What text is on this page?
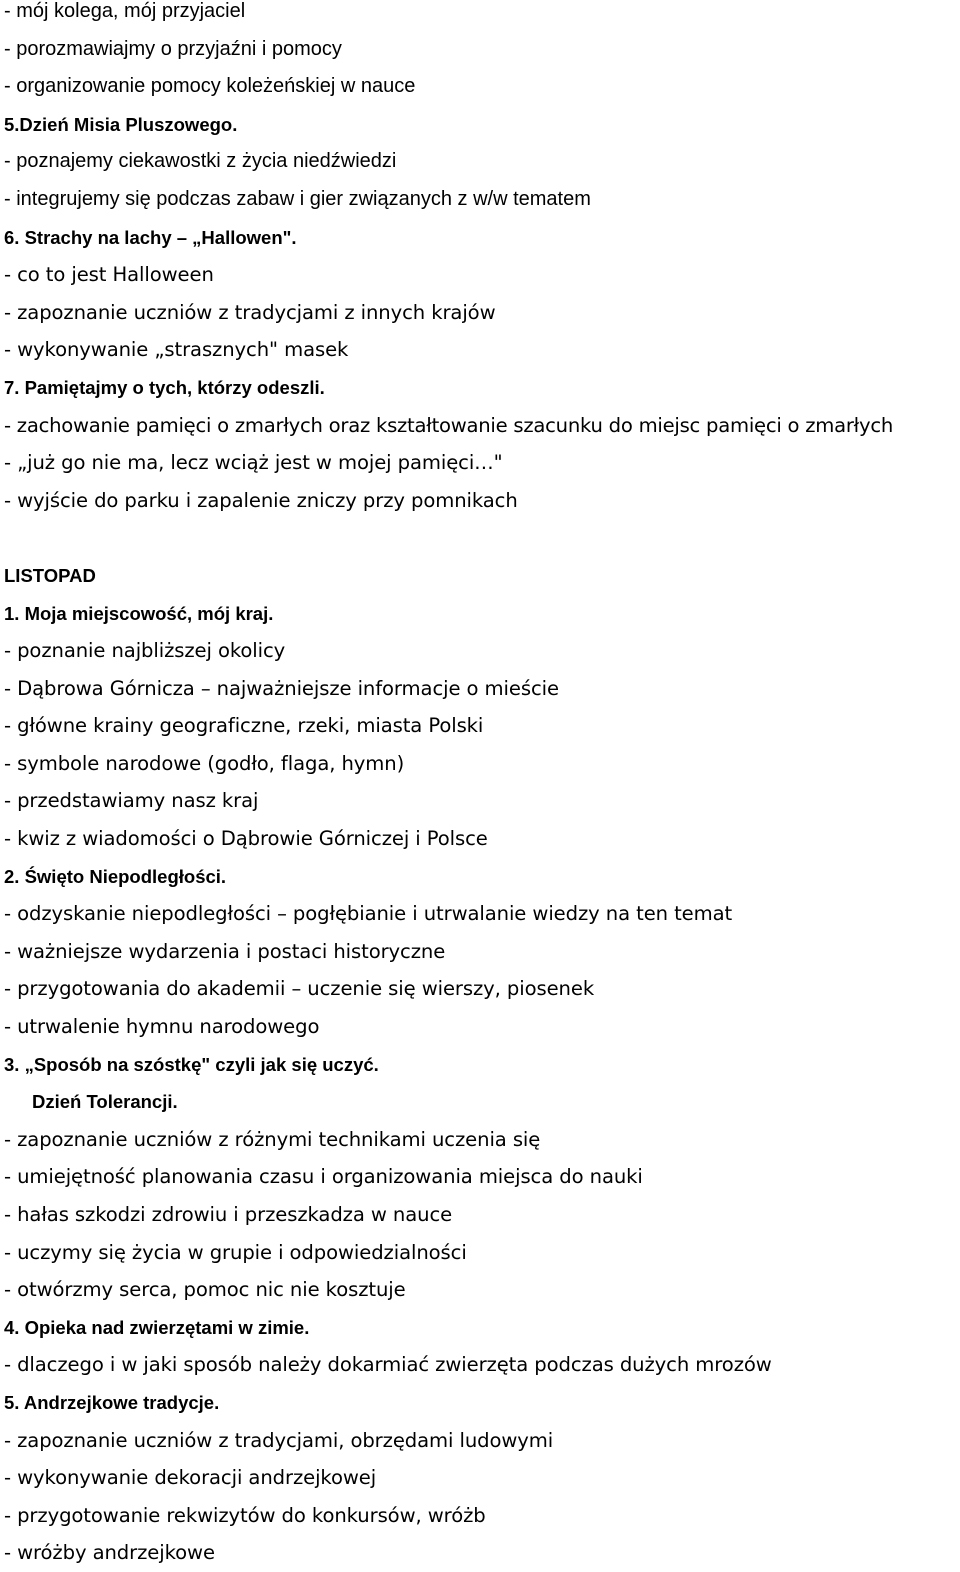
- mój kolega, mój przyjaciel
- porozmawiajmy o przyjaźni i pomocy
- organizowanie pomocy koleżeńskiej w nauce
5.Dzień Misia Pluszowego.
- poznajemy ciekawostki z życia niedźwiedzi
- integrujemy się podczas zabaw i gier związanych z w/w tematem
6. Strachy na lachy – „Hallowen".
- co to jest Halloween
- zapoznanie uczniów z tradycjami z innych krajów
- wykonywanie „strasznych" masek
7. Pamiętajmy o tych, którzy odeszli.
- zachowanie pamięci o zmarłych oraz kształtowanie szacunku do miejsc pamięci o zmarłych
- „już go nie ma, lecz wciąż jest w mojej pamięci…"
- wyjście do parku i zapalenie zniczy przy pomnikach
LISTOPAD
1. Moja miejscowość, mój kraj.
- poznanie najbliższej okolicy
- Dąbrowa Górnicza – najważniejsze informacje o mieście
- główne krainy geograficzne, rzeki, miasta Polski
- symbole narodowe (godło, flaga, hymn)
- przedstawiamy nasz kraj
- kwiz z wiadomości o Dąbrowie Górniczej i Polsce
2. Święto Niepodległości.
- odzyskanie niepodległości – pogłębianie i utrwalanie wiedzy na ten temat
- ważniejsze wydarzenia i postaci historyczne
- przygotowania do akademii – uczenie się wierszy, piosenek
- utrwalenie hymnu narodowego
3. „Sposób na szóstkę" czyli jak się uczyć.
Dzień Tolerancji.
- zapoznanie uczniów z różnymi technikami uczenia się
- umiejętność planowania czasu i organizowania miejsca do nauki
- hałas szkodzi zdrowiu i przeszkadza w nauce
- uczymy się życia w grupie i odpowiedzialności
- otwórzmy serca, pomoc nic nie kosztuje
4. Opieka nad zwierzętami w zimie.
- dlaczego i w jaki sposób należy dokarmiać zwierzęta podczas dużych mrozów
5. Andrzejkowe tradycje.
- zapoznanie uczniów z tradycjami, obrzędami ludowymi
- wykonywanie dekoracji andrzejkowej
- przygotowanie rekwizytów do konkursów, wróżb
- wróżby andrzejkowe
